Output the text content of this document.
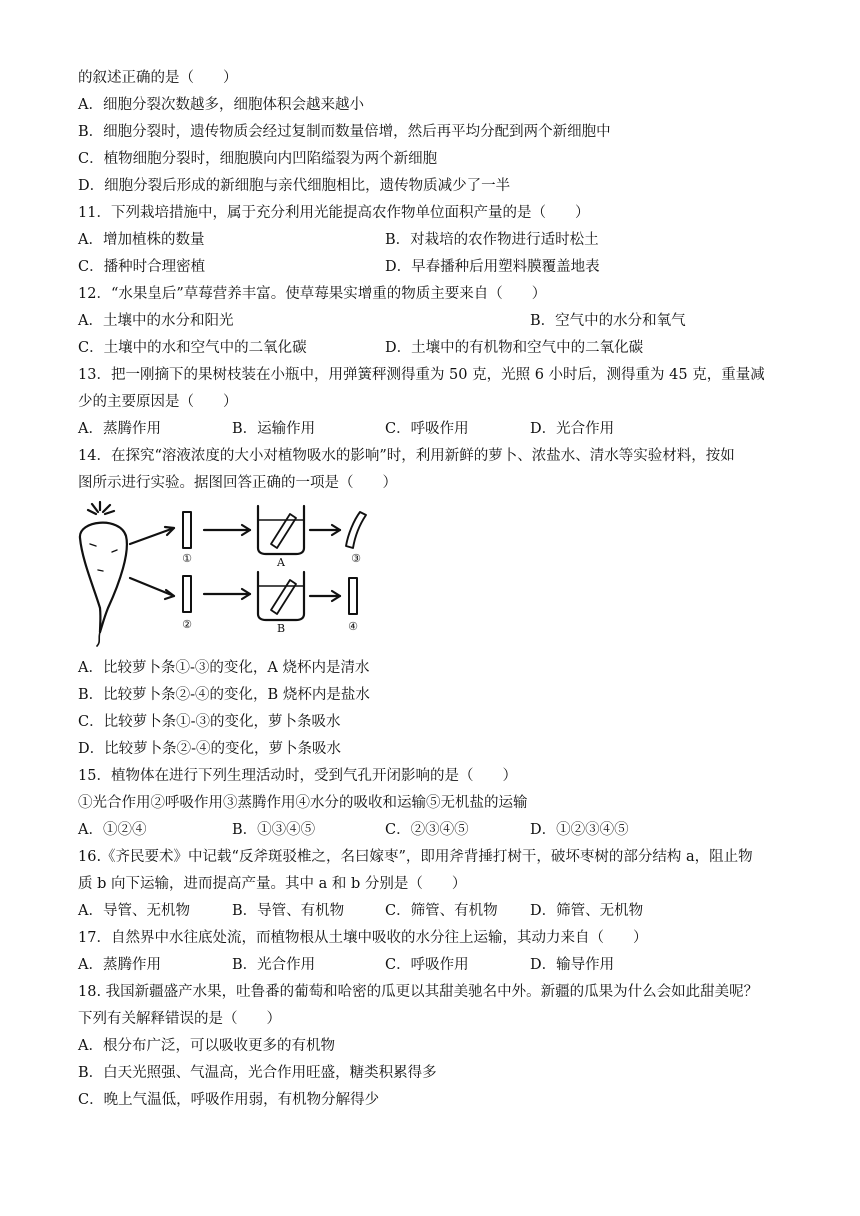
的叙述正确的是（　　）
A．细胞分裂次数越多，细胞体积会越来越小
B．细胞分裂时，遗传物质会经过复制而数量倍增，然后再平均分配到两个新细胞中
C．植物细胞分裂时，细胞膜向内凹陷缢裂为两个新细胞
D．细胞分裂后形成的新细胞与亲代细胞相比，遗传物质减少了一半
11．下列栽培措施中，属于充分利用光能提高农作物单位面积产量的是（　　）
A．增加植株的数量	B．对栽培的农作物进行适时松土
C．播种时合理密植	D．早春播种后用塑料膜覆盖地表
12．“水果皇后”草莓营养丰富。使草莓果实增重的物质主要来自（　　）
A．土壤中的水分和阳光	B．空气中的水分和氧气
C．土壤中的水和空气中的二氧化碳	D．土壤中的有机物和空气中的二氧化碳
13．把一刚摘下的果树枝装在小瓶中，用弹簧秤测得重为 50 克，光照 6 小时后，测得重为 45 克，重量减
少的主要原因是（　　）
A．蒸腾作用	B．运输作用	C．呼吸作用	D．光合作用
14．在探究“溶液浓度的大小对植物吸水的影响”时，利用新鲜的萝卜、浓盐水、清水等实验材料，按如
图所示进行实验。据图回答正确的一项是（　　）
①	A	③
②	B	④
A．比较萝卜条①-③的变化，A 烧杯内是清水
B．比较萝卜条②-④的变化，B 烧杯内是盐水
C．比较萝卜条①-③的变化，萝卜条吸水
D．比较萝卜条②-④的变化，萝卜条吸水
15．植物体在进行下列生理活动时，受到气孔开闭影响的是（　　）
①光合作用②呼吸作用③蒸腾作用④水分的吸收和运输⑤无机盐的运输
A．①②④	B．①③④⑤	C．②③④⑤	D．①②③④⑤
16.《齐民要术》中记载“反斧斑驳椎之，名曰嫁枣”，即用斧背捶打树干，破坏枣树的部分结构 a，阻止物
质 b 向下运输，进而提高产量。其中 a 和 b 分别是（　　）
A．导管、无机物	B．导管、有机物	C．筛管、有机物 D．筛管、无机物
17．自然界中水往底处流，而植物根从土壤中吸收的水分往上运输，其动力来自（　　）
A．蒸腾作用	B．光合作用	C．呼吸作用	D．输导作用
18. 我国新疆盛产水果，吐鲁番的葡萄和哈密的瓜更以其甜美驰名中外。新疆的瓜果为什么会如此甜美呢？
下列有关解释错误的是（　　）
A．根分布广泛，可以吸收更多的有机物
B．白天光照强、气温高，光合作用旺盛，糖类积累得多
C．晚上气温低，呼吸作用弱，有机物分解得少
